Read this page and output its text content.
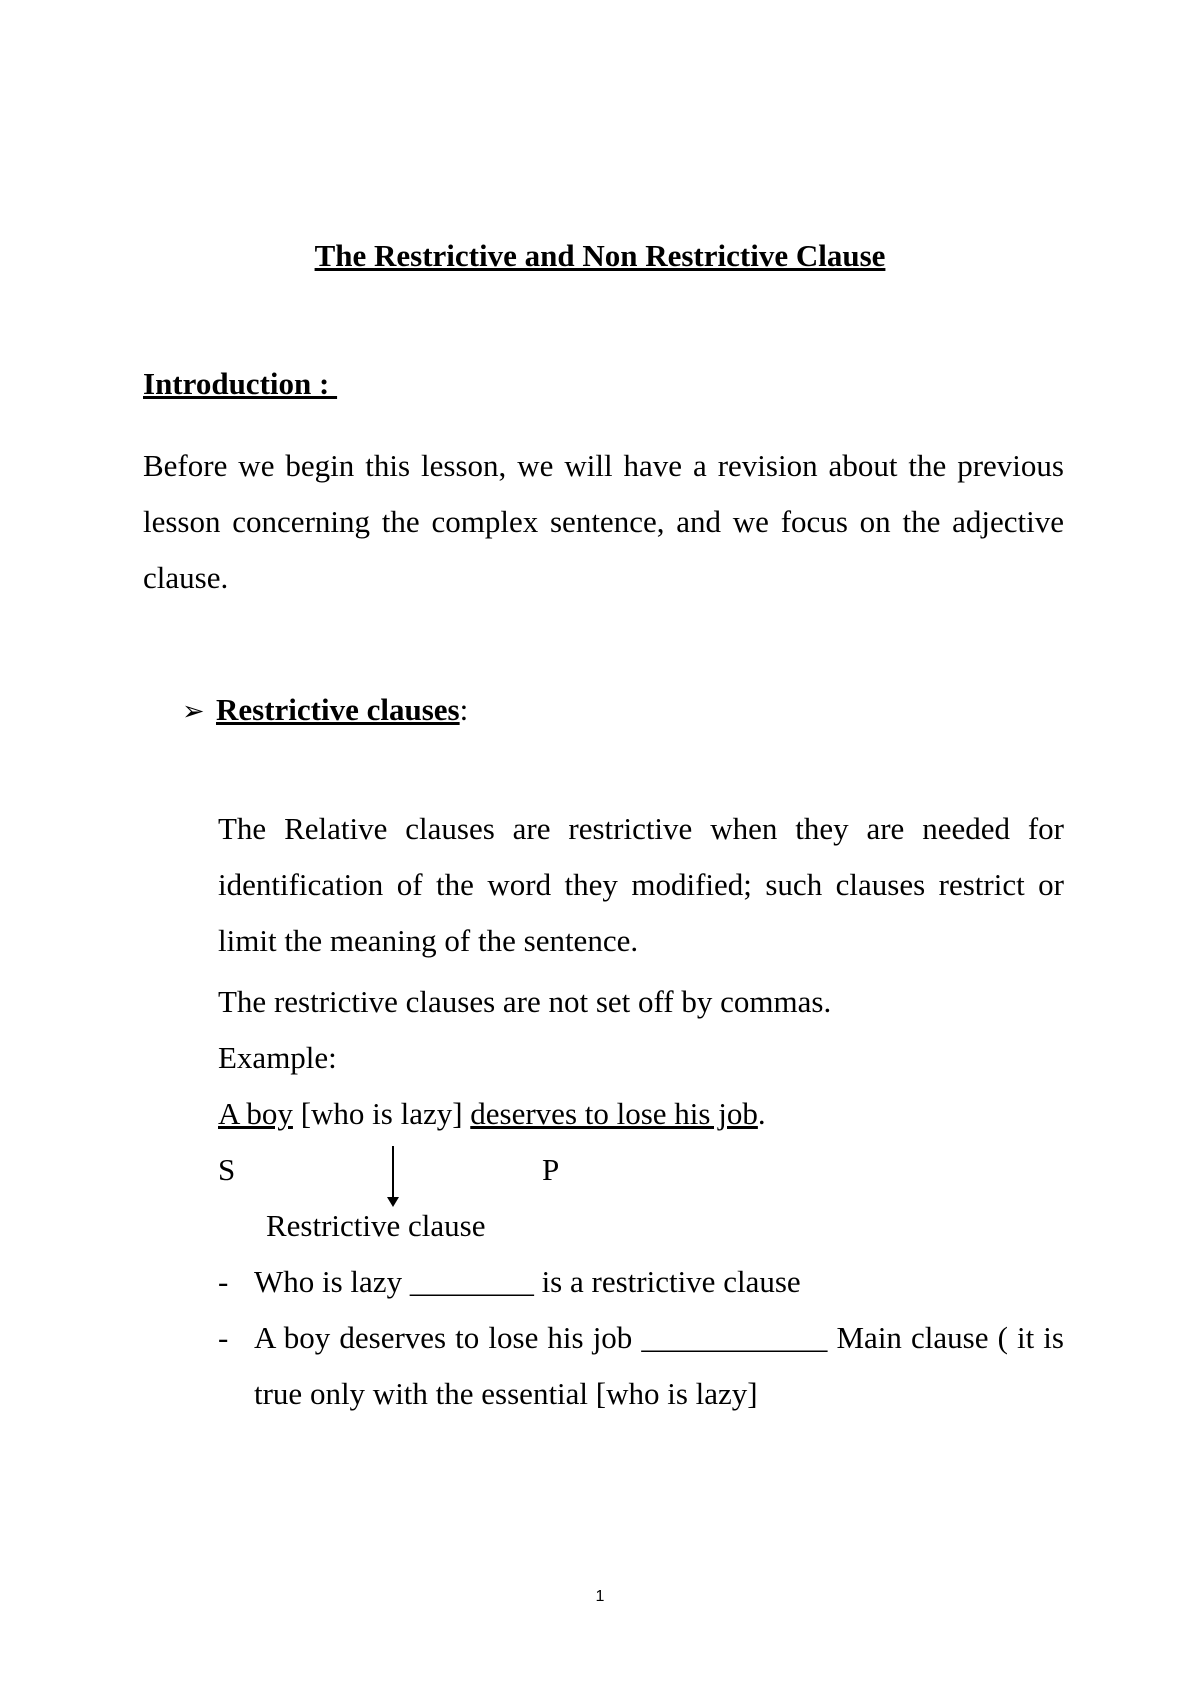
The Restrictive and Non Restrictive Clause
Introduction :
Before we begin this lesson, we will have a revision about the previous lesson concerning the complex sentence, and we focus on the adjective clause.
➢ Restrictive clauses:
The Relative clauses are restrictive when they are needed for identification of the word they modified; such clauses restrict or limit the meaning of the sentence.
The restrictive clauses are not set off by commas.
Example:
A boy [who is lazy] deserves to lose his job.
S	P
Restrictive clause
- Who is lazy ________ is a restrictive clause
- A boy deserves to lose his job ____________ Main clause ( it is true only with the essential [who is lazy]
1
